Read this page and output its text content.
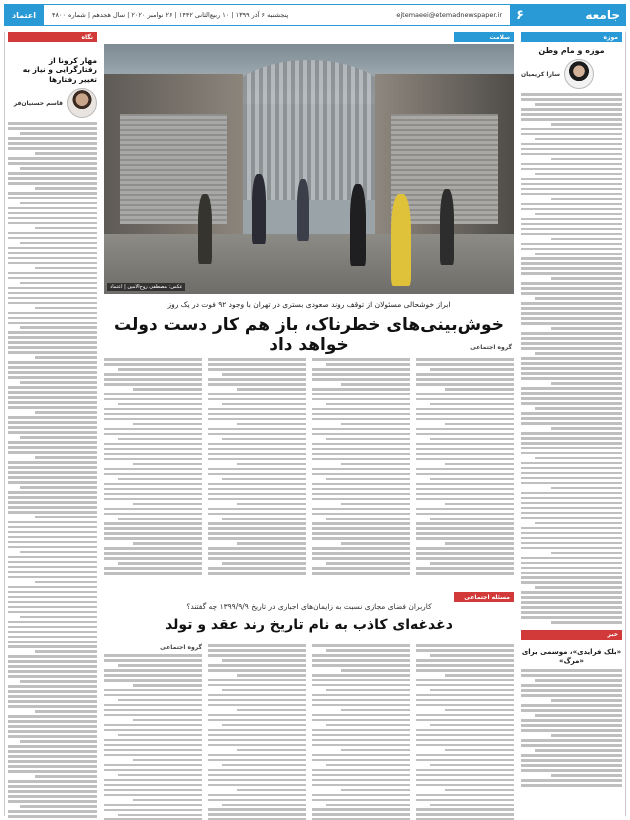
جامعه
۶
ejtemaeei@etemadnewspaper.ir
پنجشنبه ۶ آذر ۱۳۹۹ | ۱۰ ربیع‌الثانی ۱۴۴۲ | ۲۶ نوامبر ۲۰۲۰ | سال هجدهم | شماره ۴۸۰۰
اعتماد
موزه
موزه و مام وطن
سارا کریمیان
خبر
«بلک فرایدی»، موسمی برای «مرگ»
نگاه
مهار کرونا از رفتارگرایی و نیاز به تغییر رفتارها
قاسم حسنیان‌فر
سلامت
عکس: مصطفی روح‌الامین | اعتماد
ابراز خوشحالی مسئولان از توقف روند صعودی بستری در تهران با وجود ۹۲ فوت در یک روز
خوش‌بینی‌های خطرناک، باز هم کار دست دولت خواهد داد	گروه اجتماعی
مسئله اجتماعی
کاربران فضای مجازی نسبت به زایمان‌های اجباری در تاریخ ۱۳۹۹/۹/۹ چه گفتند؟
دغدغه‌ای کاذب به نام تاریخ رند عقد و تولد
گروه اجتماعی
